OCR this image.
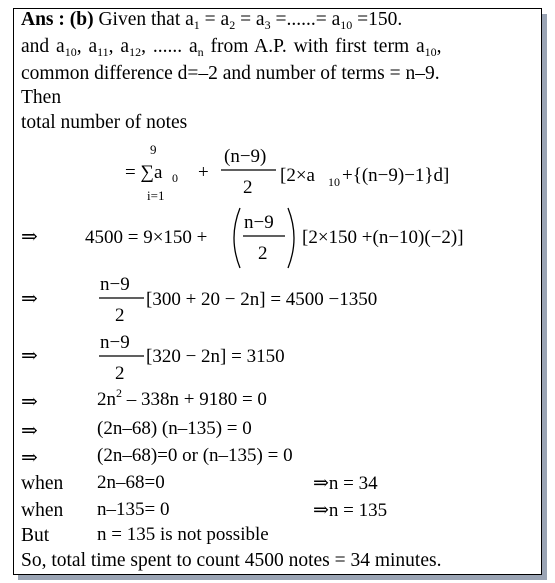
Ans : (b) Given that $a_1 = a_2 = a_3$ =......= $a_{10} =150$.
and $a_{10}$, $a_{11}$, $a_{12}$, ...... $a_n$ from A.P. with first term $a_{10}$,
common difference d=–2 and number of terms = n–9.
Then
total number of notes
= ∑a 0
9
i=1
+
(n−9)
2
[2×a 10 +{(n−9)−1}d]
⇒ 4500 = 9×150 +
n−9
2
[2×150 +(n−10)(−2)]
⇒
n−9
2
[300 + 20 − 2n] = 4500 −1350
⇒
n−9
2
[320 − 2n] = 3150
⇒	$2n^2 - 338n + 9180 = 0$
⇒	(2n–68) (n–135) = 0
⇒	(2n–68)=0 or (n–135) = 0
when 2n–68=0	⇒n = 34
when n–135= 0	⇒n = 135
But	n = 135 is not possible
So, total time spent to count 4500 notes = 34 minutes.
